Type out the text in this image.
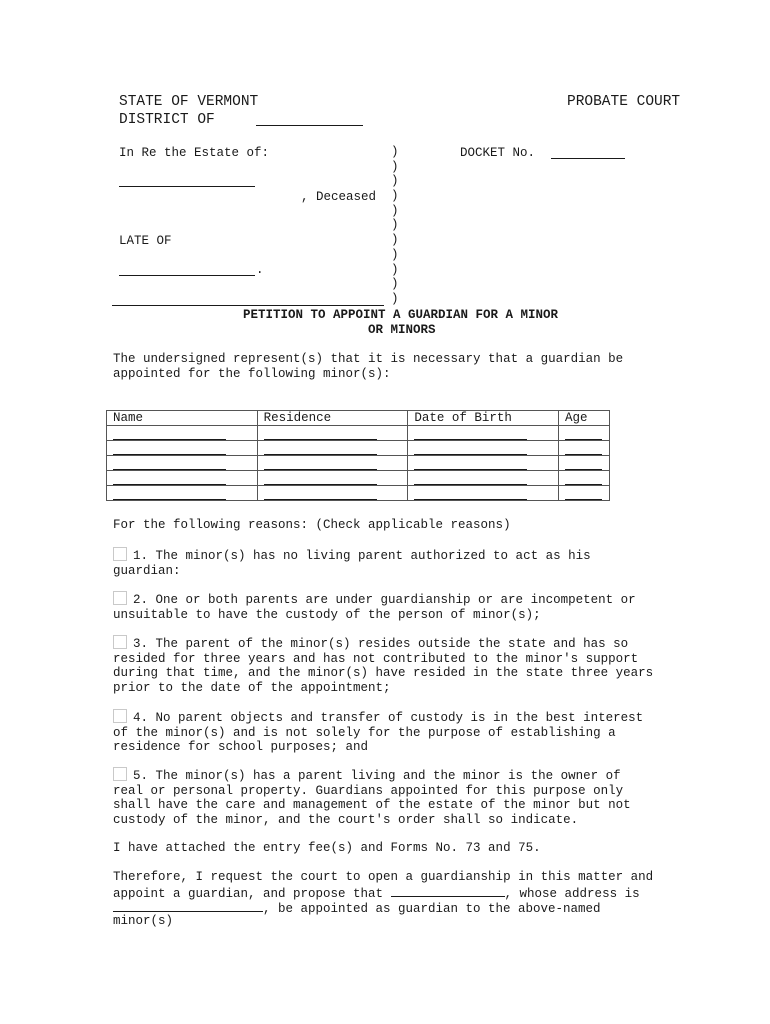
STATE OF VERMONT	PROBATE COURT
DISTRICT OF
In Re the Estate of:	DOCKET No.
, Deceased
LATE OF
.
)
)
)
)
)
)
)
)
)
)
)
PETITION TO APPOINT A GUARDIAN FOR A MINOR
OR MINORS
The undersigned represent(s) that it is necessary that a guardian be
appointed for the following minor(s):
Name	Residence	Date of Birth	Age

For the following reasons: (Check applicable reasons)
1. The minor(s) has no living parent authorized to act as his
guardian:
2. One or both parents are under guardianship or are incompetent or
unsuitable to have the custody of the person of minor(s);
3. The parent of the minor(s) resides outside the state and has so
resided for three years and has not contributed to the minor's support
during that time, and the minor(s) have resided in the state three years
prior to the date of the appointment;
4. No parent objects and transfer of custody is in the best interest
of the minor(s) and is not solely for the purpose of establishing a
residence for school purposes; and
5. The minor(s) has a parent living and the minor is the owner of
real or personal property. Guardians appointed for this purpose only
shall have the care and management of the estate of the minor but not
custody of the minor, and the court's order shall so indicate.
I have attached the entry fee(s) and Forms No. 73 and 75.
Therefore, I request the court to open a guardianship in this matter and
appoint a guardian, and propose that	, whose address is
, be appointed as guardian to the above-named
minor(s)
